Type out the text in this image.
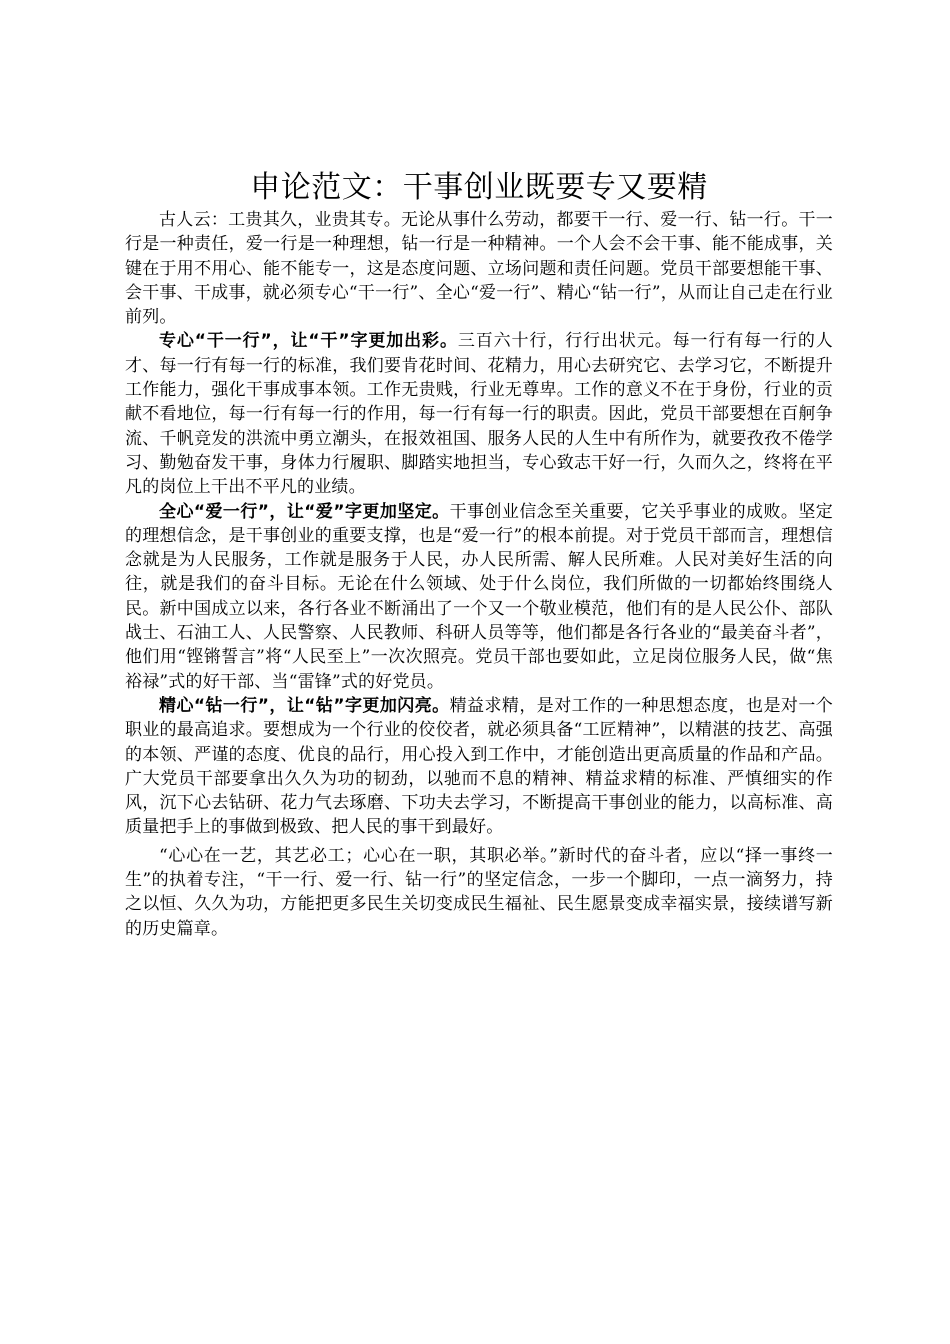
申论范文：干事创业既要专又要精

古人云：工贵其久，业贵其专。无论从事什么劳动，都要干一行、爱一行、钻一行。干一行是一种责任，爱一行是一种理想，钻一行是一种精神。一个人会不会干事、能不能成事，关键在于用不用心、能不能专一，这是态度问题、立场问题和责任问题。党员干部要想能干事、会干事、干成事，就必须专心“干一行”、全心“爱一行”、精心“钻一行”，从而让自己走在行业前列。

专心“干一行”，让“干”字更加出彩。三百六十行，行行出状元。每一行有每一行的人才、每一行有每一行的标准，我们要肯花时间、花精力，用心去研究它、去学习它，不断提升工作能力，强化干事成事本领。工作无贵贱，行业无尊卑。工作的意义不在于身份，行业的贡献不看地位，每一行有每一行的作用，每一行有每一行的职责。因此，党员干部要想在百舸争流、千帆竞发的洪流中勇立潮头，在报效祖国、服务人民的人生中有所作为，就要孜孜不倦学习、勤勉奋发干事，身体力行履职、脚踏实地担当，专心致志干好一行，久而久之，终将在平凡的岗位上干出不平凡的业绩。

全心“爱一行”，让“爱”字更加坚定。干事创业信念至关重要，它关乎事业的成败。坚定的理想信念，是干事创业的重要支撑，也是“爱一行”的根本前提。对于党员干部而言，理想信念就是为人民服务，工作就是服务于人民，办人民所需、解人民所难。人民对美好生活的向往，就是我们的奋斗目标。无论在什么领域、处于什么岗位，我们所做的一切都始终围绕人民。新中国成立以来，各行各业不断涌出了一个又一个敬业模范，他们有的是人民公仆、部队战士、石油工人、人民警察、人民教师、科研人员等等，他们都是各行各业的“最美奋斗者”，他们用“铿锵誓言”将“人民至上”一次次照亮。党员干部也要如此，立足岗位服务人民，做“焦裕禄”式的好干部、当“雷锋”式的好党员。

精心“钻一行”，让“钻”字更加闪亮。精益求精，是对工作的一种思想态度，也是对一个职业的最高追求。要想成为一个行业的佼佼者，就必须具备“工匠精神”，以精湛的技艺、高强的本领、严谨的态度、优良的品行，用心投入到工作中，才能创造出更高质量的作品和产品。广大党员干部要拿出久久为功的韧劲，以驰而不息的精神、精益求精的标准、严慎细实的作风，沉下心去钻研、花力气去琢磨、下功夫去学习，不断提高干事创业的能力，以高标准、高质量把手上的事做到极致、把人民的事干到最好。

“心心在一艺，其艺必工；心心在一职，其职必举。”新时代的奋斗者，应以“择一事终一生”的执着专注，“干一行、爱一行、钻一行”的坚定信念，一步一个脚印，一点一滴努力，持之以恒、久久为功，方能把更多民生关切变成民生福祉、民生愿景变成幸福实景，接续谱写新的历史篇章。
